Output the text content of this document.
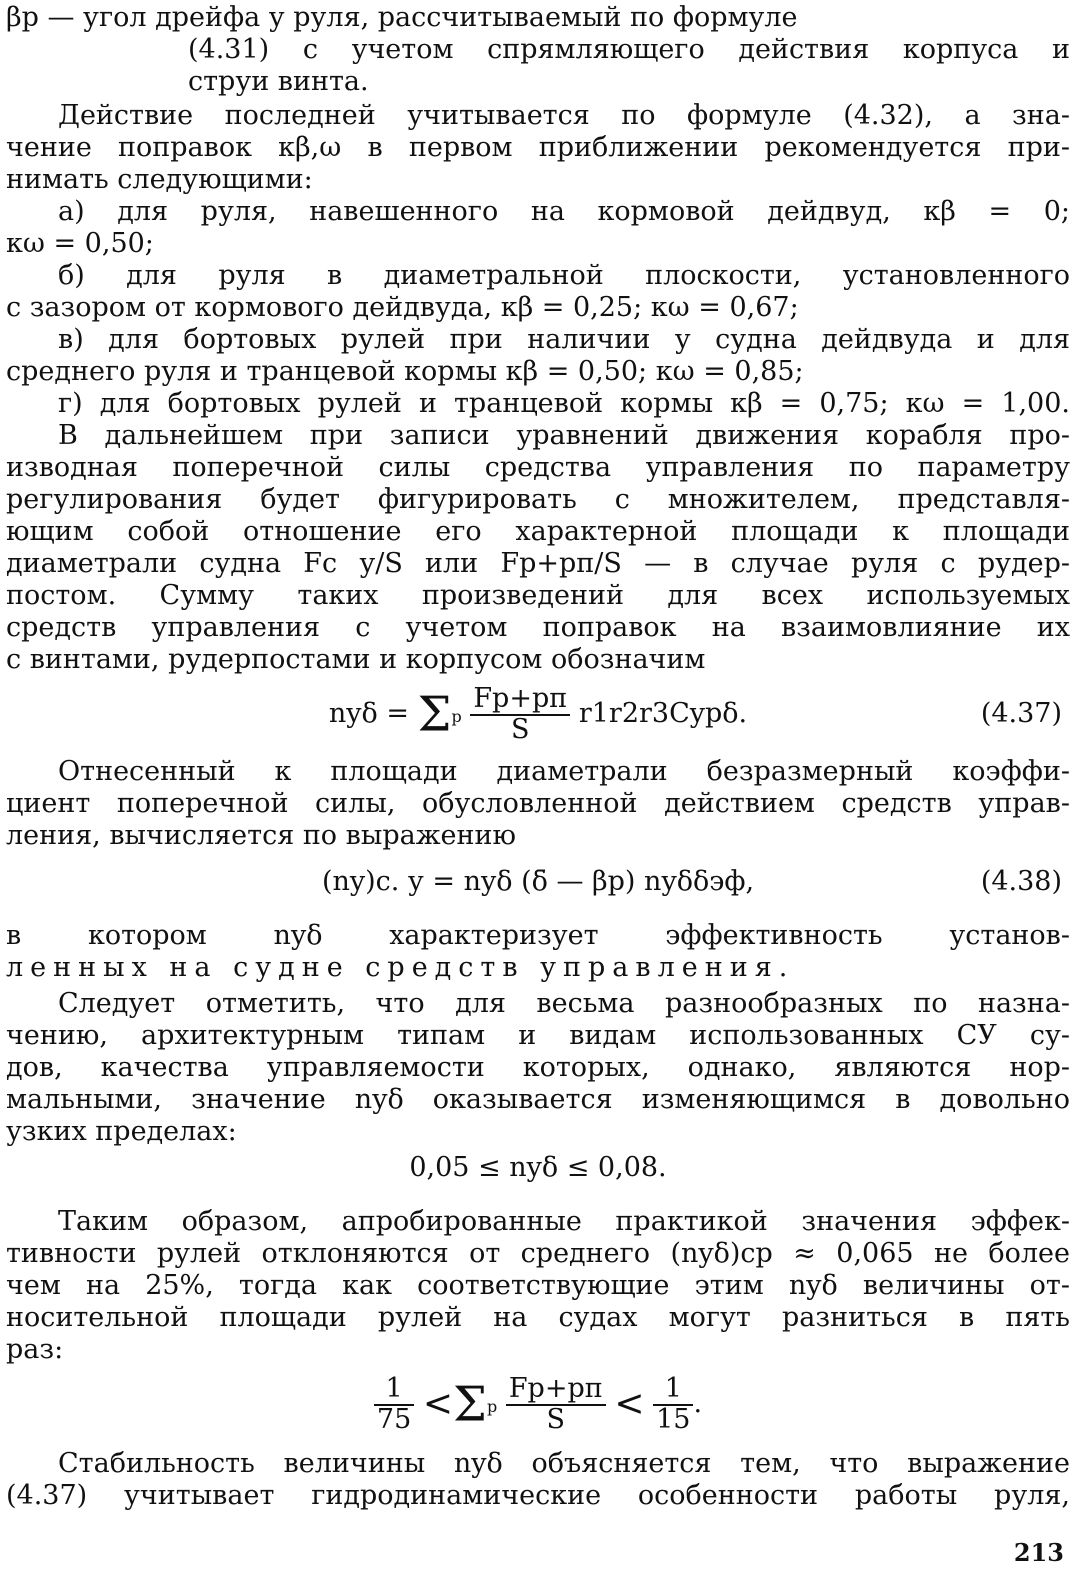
βр — угол дрейфа у руля, рассчитываемый по формуле
(4.31) с учетом спрямляющего действия корпуса и
струи винта.
Действие последней учитывается по формуле (4.32), а зна-
чение поправок κβ,ω в первом приближении рекомендуется при-
нимать следующими:
а) для руля, навешенного на кормовой дейдвуд, κβ = 0;
κω = 0,50;
б) для руля в диаметральной плоскости, установленного
с зазором от кормового дейдвуда, κβ = 0,25; κω = 0,67;
в) для бортовых рулей при наличии у судна дейдвуда и для
среднего руля и транцевой кормы κβ = 0,50; κω = 0,85;
г) для бортовых рулей и транцевой кормы κβ = 0,75; κω = 1,00.
В дальнейшем при записи уравнений движения корабля про-
изводная поперечной силы средства управления по параметру
регулирования будет фигурировать с множителем, представля-
ющим собой отношение его характерной площади к площади
диаметрали судна Fс у/S или Fр+рп/S — в случае руля с рудер-
постом. Сумму таких произведений для всех используемых
средств управления с учетом поправок на взаимовлияние их
с винтами, рудерпостами и корпусом обозначим
nyδ = Σр $\frac{Fр+рп}{S} r1r2r3Cyр\delta$.	(4.37)
Отнесенный к площади диаметрали безразмерный коэффи-
циент поперечной силы, обусловленной действием средств управ-
ления, вычисляется по выражению
(ny)с. у = nyδ (δ̄ — βр) nyδδэф,	(4.38)
в котором nyδ характеризует эффективность установ-
ленных на судне средств управления.
Следует отметить, что для весьма разнообразных по назна-
чению, архитектурным типам и видам использованных СУ су-
дов, качества управляемости которых, однако, являются нор-
мальными, значение nyδ оказывается изменяющимся в довольно
узких пределах:
0,05 ≤ nyδ ≤ 0,08.
Таким образом, апробированные практикой значения эффек-
тивности рулей отклоняются от среднего (nyδ)ср ≈ 0,065 не более
чем на 25%, тогда как соответствующие этим nyδ величины от-
носительной площади рулей на судах могут разниться в пять
раз:
$\frac{1}{75} <\Sigma р \frac{Fр+рп}{S} < \frac{1}{15}$ .
Стабильность величины nyδ объясняется тем, что выражение
(4.37) учитывает гидродинамические особенности работы руля,
213
